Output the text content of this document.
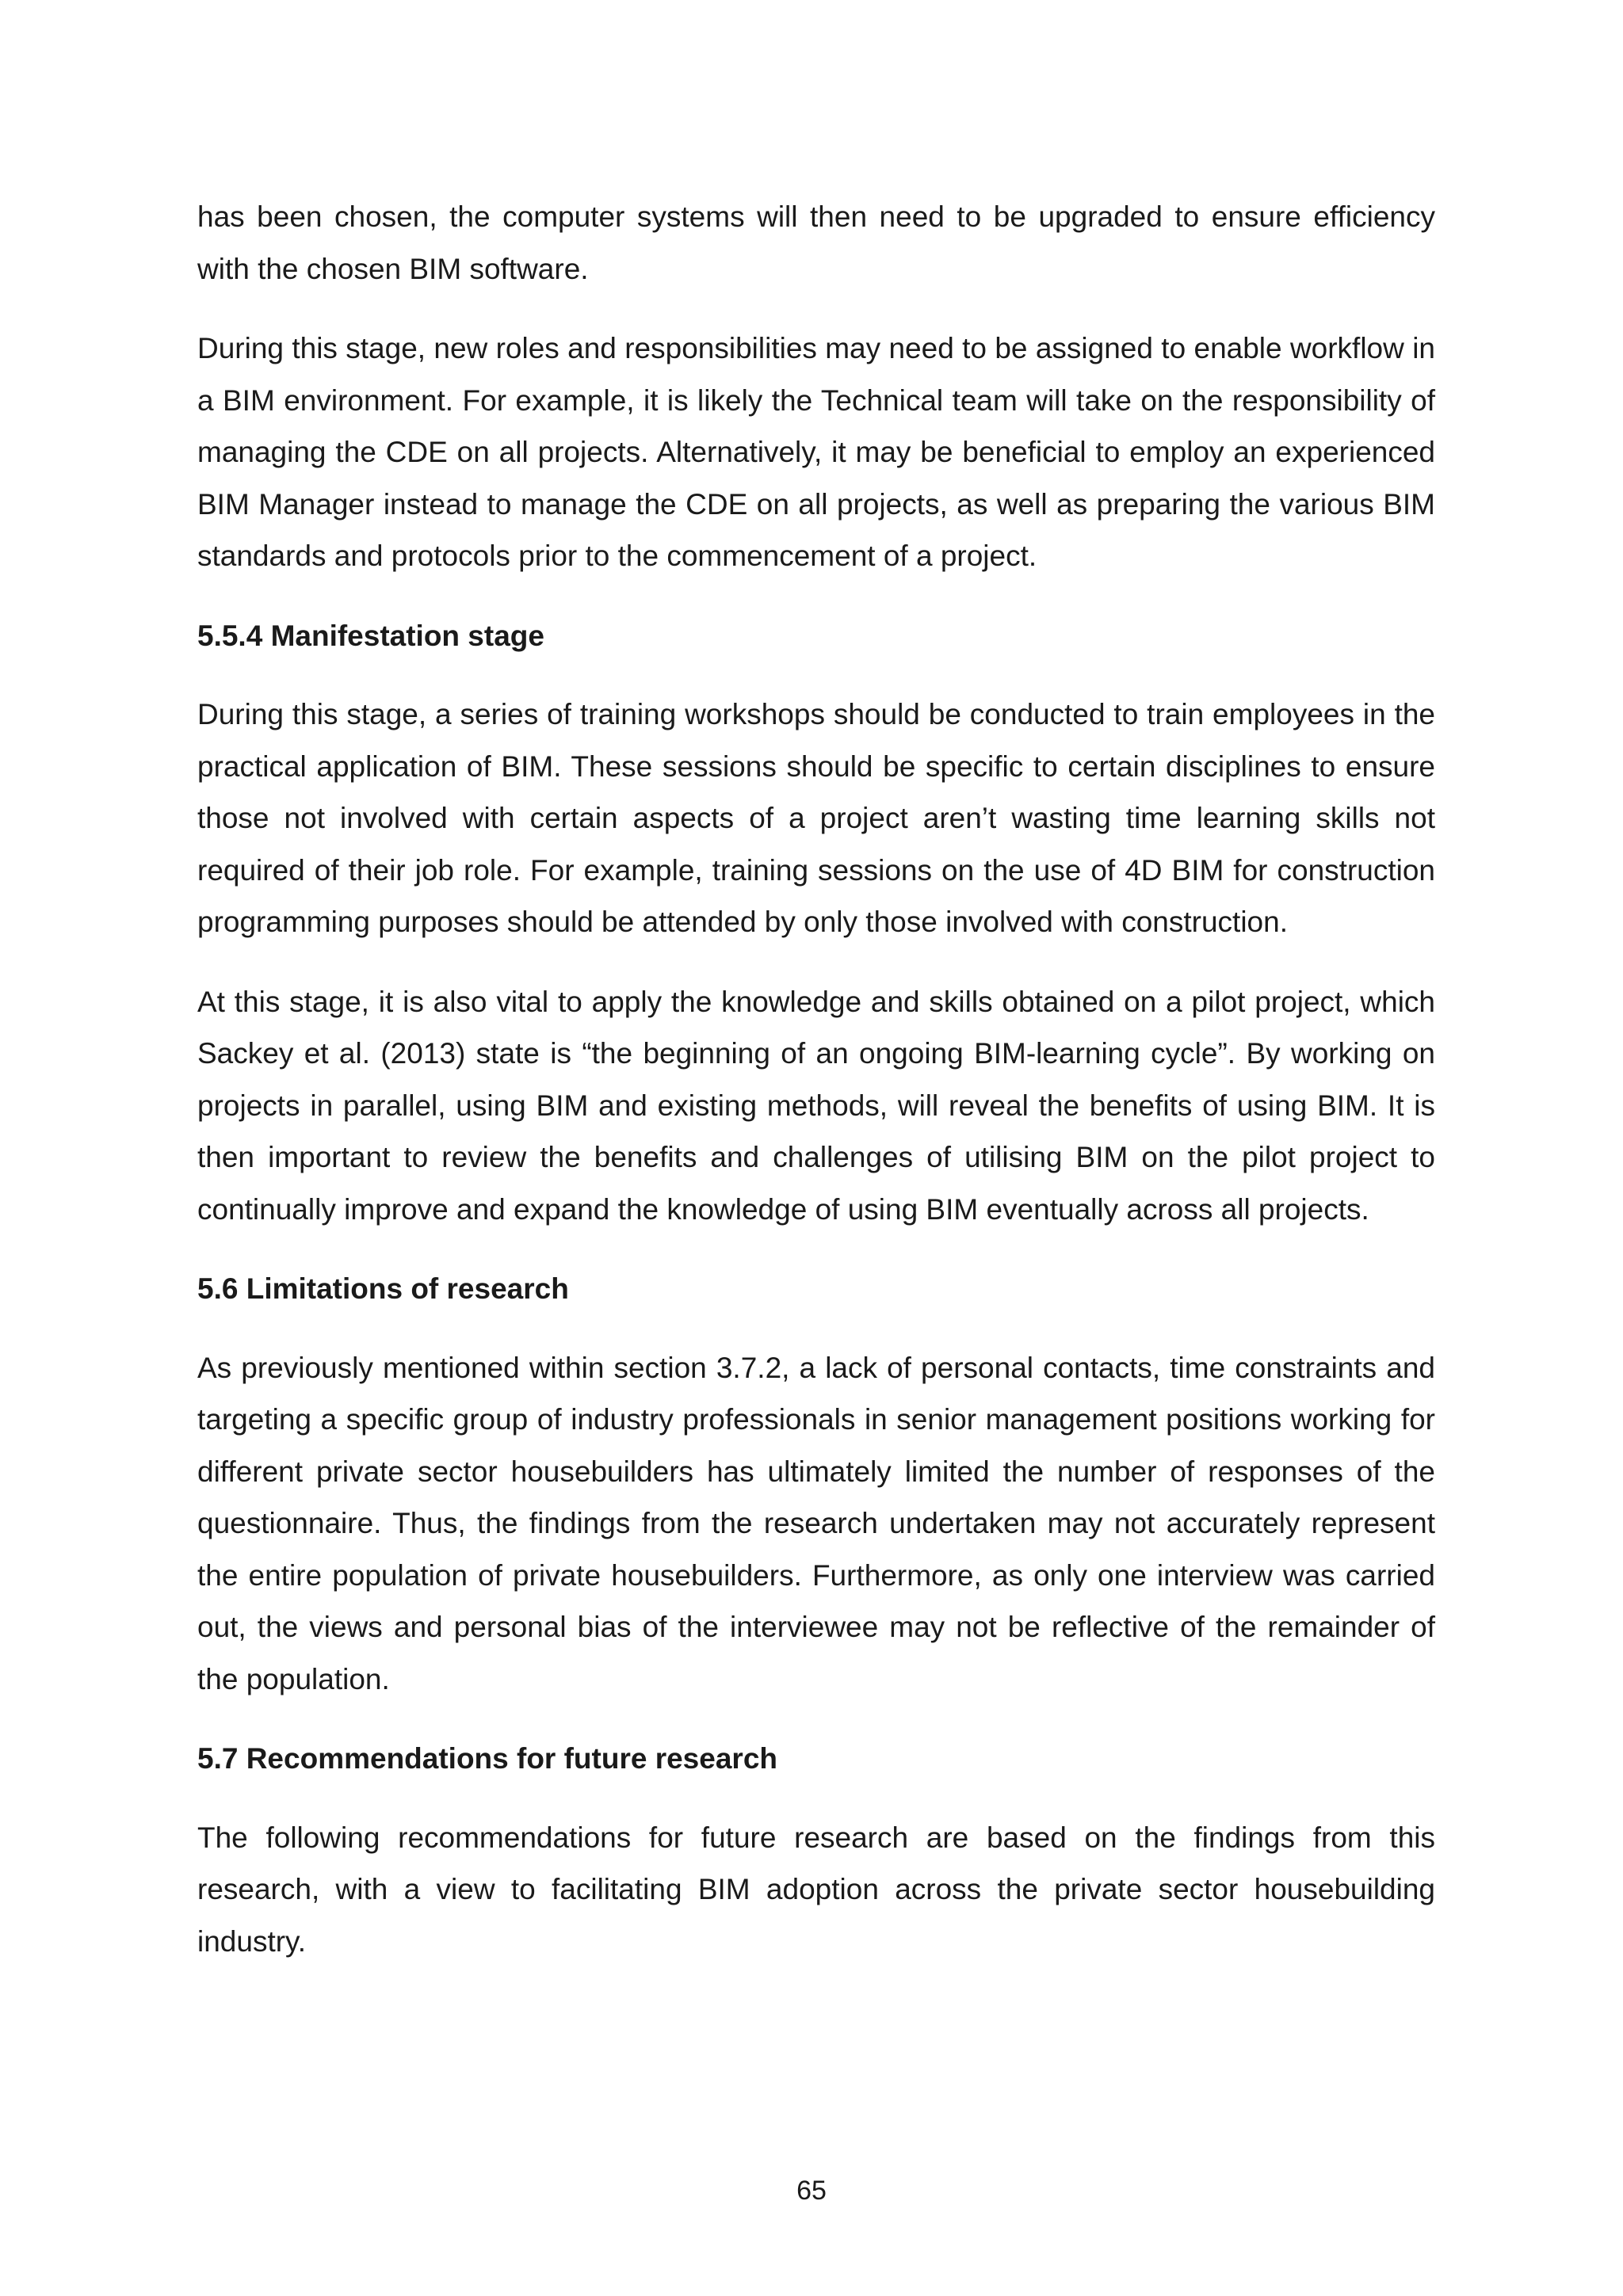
has been chosen, the computer systems will then need to be upgraded to ensure efficiency with the chosen BIM software.

During this stage, new roles and responsibilities may need to be assigned to enable workflow in a BIM environment. For example, it is likely the Technical team will take on the responsibility of managing the CDE on all projects. Alternatively, it may be beneficial to employ an experienced BIM Manager instead to manage the CDE on all projects, as well as preparing the various BIM standards and protocols prior to the commencement of a project.

5.5.4 Manifestation stage

During this stage, a series of training workshops should be conducted to train employees in the practical application of BIM. These sessions should be specific to certain disciplines to ensure those not involved with certain aspects of a project aren’t wasting time learning skills not required of their job role. For example, training sessions on the use of 4D BIM for construction programming purposes should be attended by only those involved with construction.

At this stage, it is also vital to apply the knowledge and skills obtained on a pilot project, which Sackey et al. (2013) state is “the beginning of an ongoing BIM-learning cycle”. By working on projects in parallel, using BIM and existing methods, will reveal the benefits of using BIM. It is then important to review the benefits and challenges of utilising BIM on the pilot project to continually improve and expand the knowledge of using BIM eventually across all projects.

5.6 Limitations of research

As previously mentioned within section 3.7.2, a lack of personal contacts, time constraints and targeting a specific group of industry professionals in senior management positions working for different private sector housebuilders has ultimately limited the number of responses of the questionnaire. Thus, the findings from the research undertaken may not accurately represent the entire population of private housebuilders. Furthermore, as only one interview was carried out, the views and personal bias of the interviewee may not be reflective of the remainder of the population.

5.7 Recommendations for future research

The following recommendations for future research are based on the findings from this research, with a view to facilitating BIM adoption across the private sector housebuilding industry.

65
